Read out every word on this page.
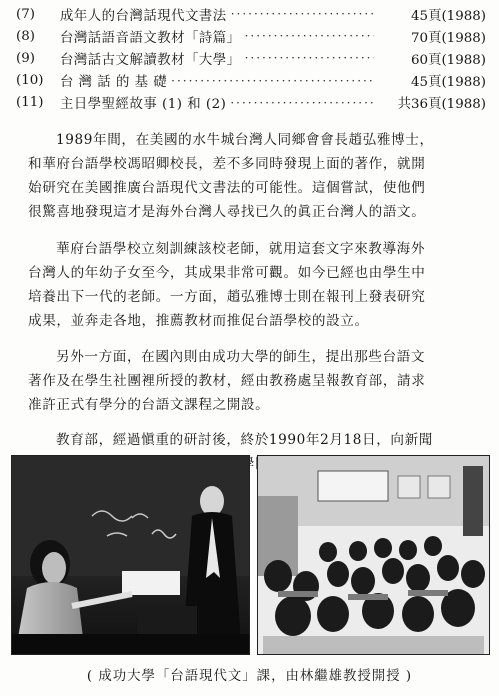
(7)	成年人的台灣話現代文書法 ·····	45頁(1988)
(8)	台灣話語音語文教材「詩篇」 ·····	70頁(1988)
(9)	台灣話古文解讀教材「大學」 ·····	60頁(1988)
(10)	台 灣 話 的 基 礎 ·····	45頁(1988)
(11)	主日學聖經故事 (1) 和 (2) ·····	共36頁(1988)
1989年間，在美國的水牛城台灣人同鄉會會長趙弘雅博士，
和華府台語學校馮昭卿校長，差不多同時發現上面的著作，就開
始研究在美國推廣台語現代文書法的可能性。這個嘗試，使他們
很驚喜地發現這才是海外台灣人尋找已久的眞正台灣人的語文。
華府台語學校立刻訓練該校老師，就用這套文字來教導海外
台灣人的年幼子女至今，其成果非常可觀。如今已經也由學生中
培養出下一代的老師。一方面，趙弘雅博士則在報刊上發表研究
成果，並奔走各地，推薦教材而推促台語學校的設立。
另外一方面，在國內則由成功大學的師生，提出那些台語文
著作及在學生社團裡所授的教材，經由教務處呈報教育部，請求
准許正式有學分的台語文課程之開設。
教育部，經過愼重的研討後，終於1990年2月18日，向新聞
( 成功大學「台語現代文」課，由林繼雄教授開授 )
